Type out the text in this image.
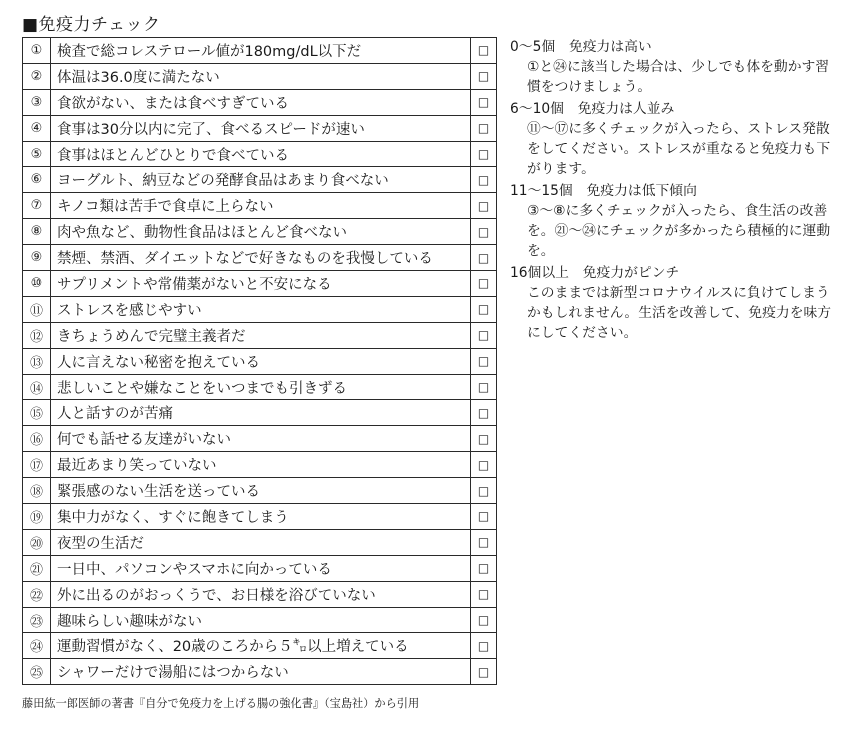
■免疫力チェック
①	検査で総コレステロール値が180mg/dL以下だ	□
②	体温は36.0度に満たない	□
③	食欲がない、または食べすぎている	□
④	食事は30分以内に完了、食べるスピードが速い	□
⑤	食事はほとんどひとりで食べている	□
⑥	ヨーグルト、納豆などの発酵食品はあまり食べない	□
⑦	キノコ類は苦手で食卓に上らない	□
⑧	肉や魚など、動物性食品はほとんど食べない	□
⑨	禁煙、禁酒、ダイエットなどで好きなものを我慢している	□
⑩	サプリメントや常備薬がないと不安になる	□
⑪	ストレスを感じやすい	□
⑫	きちょうめんで完璧主義者だ	□
⑬	人に言えない秘密を抱えている	□
⑭	悲しいことや嫌なことをいつまでも引きずる	□
⑮	人と話すのが苦痛	□
⑯	何でも話せる友達がいない	□
⑰	最近あまり笑っていない	□
⑱	緊張感のない生活を送っている	□
⑲	集中力がなく、すぐに飽きてしまう	□
⑳	夜型の生活だ	□
㉑	一日中、パソコンやスマホに向かっている	□
㉒	外に出るのがおっくうで、お日様を浴びていない	□
㉓	趣味らしい趣味がない	□
㉔	運動習慣がなく、20歳のころから５㌔以上増えている	□
㉕	シャワーだけで湯船にはつからない	□
0～5個　免疫力は高い
①と㉔に該当した場合は、少しでも体を動かす習慣をつけましょう。
6～10個　免疫力は人並み
⑪～⑰に多くチェックが入ったら、ストレス発散をしてください。ストレスが重なると免疫力も下がります。
11～15個　免疫力は低下傾向
③～⑧に多くチェックが入ったら、食生活の改善を。㉑～㉔にチェックが多かったら積極的に運動を。
16個以上　免疫力がピンチ
このままでは新型コロナウイルスに負けてしまうかもしれません。生活を改善して、免疫力を味方にしてください。
藤田紘一郎医師の著書『自分で免疫力を上げる腸の強化書』（宝島社）から引用
